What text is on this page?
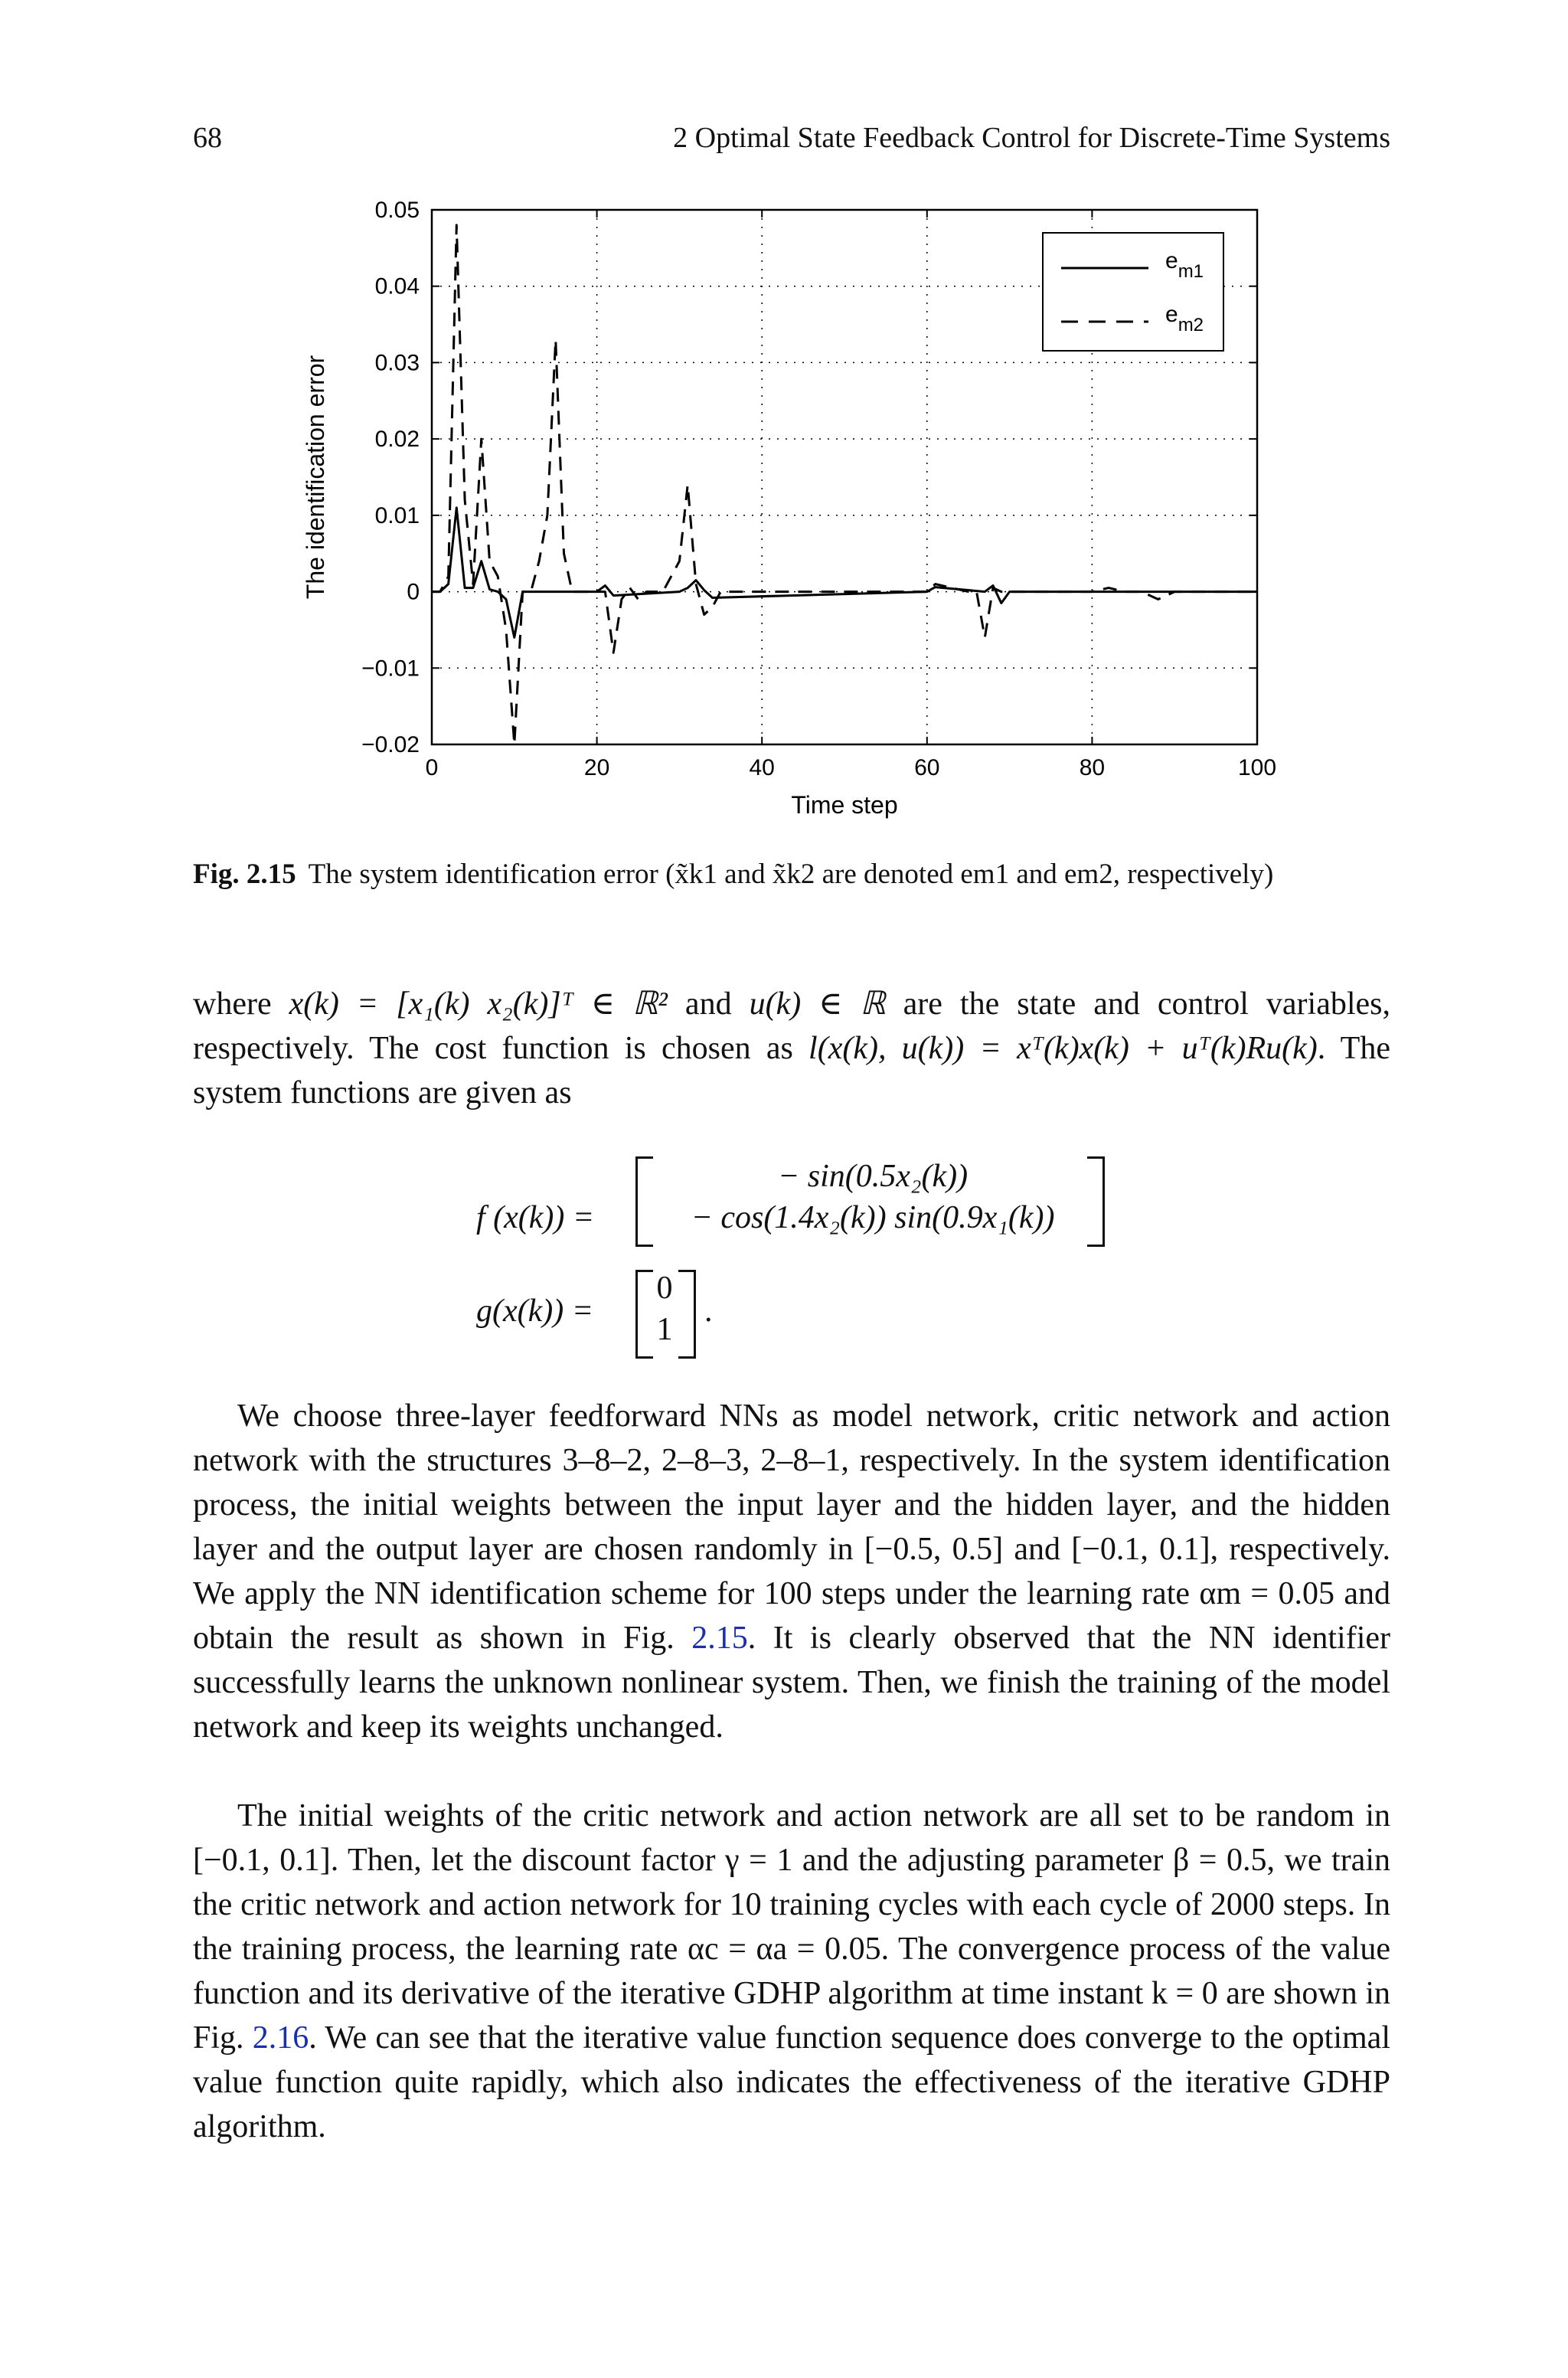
68	2 Optimal State Feedback Control for Discrete-Time Systems
0	20	40	60	80	100
0.05
0.04
0.03
0.02
0.01
0
−0.01
−0.02
Time step
The identification error
$e_{m1}$
$e_{m2}$
Fig. 2.15 The system identification error (x̃k1 and x̃k2 are denoted em1 and em2, respectively)

where x(k) = [x₁(k) x₂(k)]ᵀ ∈ ℝ² and u(k) ∈ ℝ are the state and control variables, respectively. The cost function is chosen as l(x(k), u(k)) = xᵀ(k)x(k) + uᵀ(k)Ru(k). The system functions are given as

f (x(k)) =
− sin(0.5x₂(k))
− cos(1.4x₂(k)) sin(0.9x₁(k))
g(x(k)) =
0
1
.

We choose three-layer feedforward NNs as model network, critic network and action network with the structures 3–8–2, 2–8–3, 2–8–1, respectively. In the system identification process, the initial weights between the input layer and the hidden layer, and the hidden layer and the output layer are chosen randomly in [−0.5, 0.5] and [−0.1, 0.1], respectively. We apply the NN identification scheme for 100 steps under the learning rate αm = 0.05 and obtain the result as shown in Fig. 2.15. It is clearly observed that the NN identifier successfully learns the unknown nonlinear system. Then, we finish the training of the model network and keep its weights unchanged.

The initial weights of the critic network and action network are all set to be random in [−0.1, 0.1]. Then, let the discount factor γ = 1 and the adjusting parameter β = 0.5, we train the critic network and action network for 10 training cycles with each cycle of 2000 steps. In the training process, the learning rate αc = αa = 0.05. The convergence process of the value function and its derivative of the iterative GDHP algorithm at time instant k = 0 are shown in Fig. 2.16. We can see that the iterative value function sequence does converge to the optimal value function quite rapidly, which also indicates the effectiveness of the iterative GDHP algorithm.
